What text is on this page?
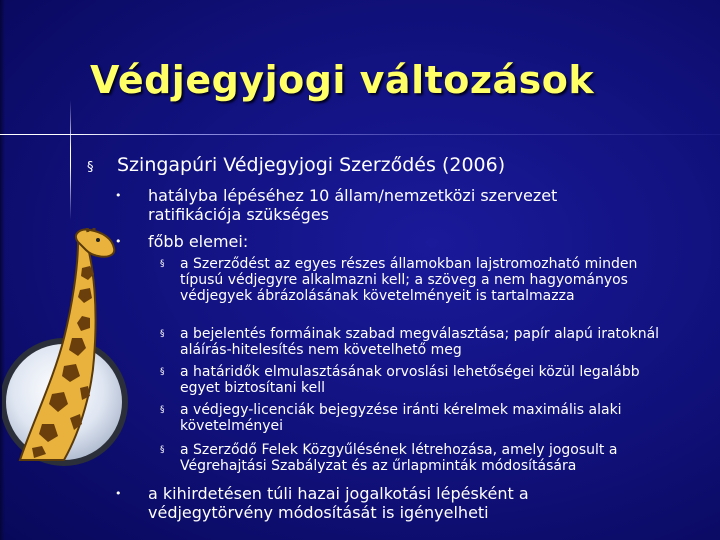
Védjegyjogi változások
§ Szingapúri Védjegyjogi Szerződés (2006)
• hatályba lépéséhez 10 állam/nemzetközi szervezet ratifikációja szükséges
• főbb elemei:
§ a Szerződést az egyes részes államokban lajstromozható minden típusú védjegyre alkalmazni kell; a szöveg a nem hagyományos védjegyek ábrázolásának követelményeit is tartalmazza
§ a bejelentés formáinak szabad megválasztása; papír alapú iratoknál aláírás-hitelesítés nem követelhető meg
§ a határidők elmulasztásának orvoslási lehetőségei közül legalább egyet biztosítani kell
§ a védjegy-licenciák bejegyzése iránti kérelmek maximális alaki követelményei
§ a Szerződő Felek Közgyűlésének létrehozása, amely jogosult a Végrehajtási Szabályzat és az űrlapminták módosítására
• a kihirdetésen túli hazai jogalkotási lépésként a védjegytörvény módosítását is igényelheti
